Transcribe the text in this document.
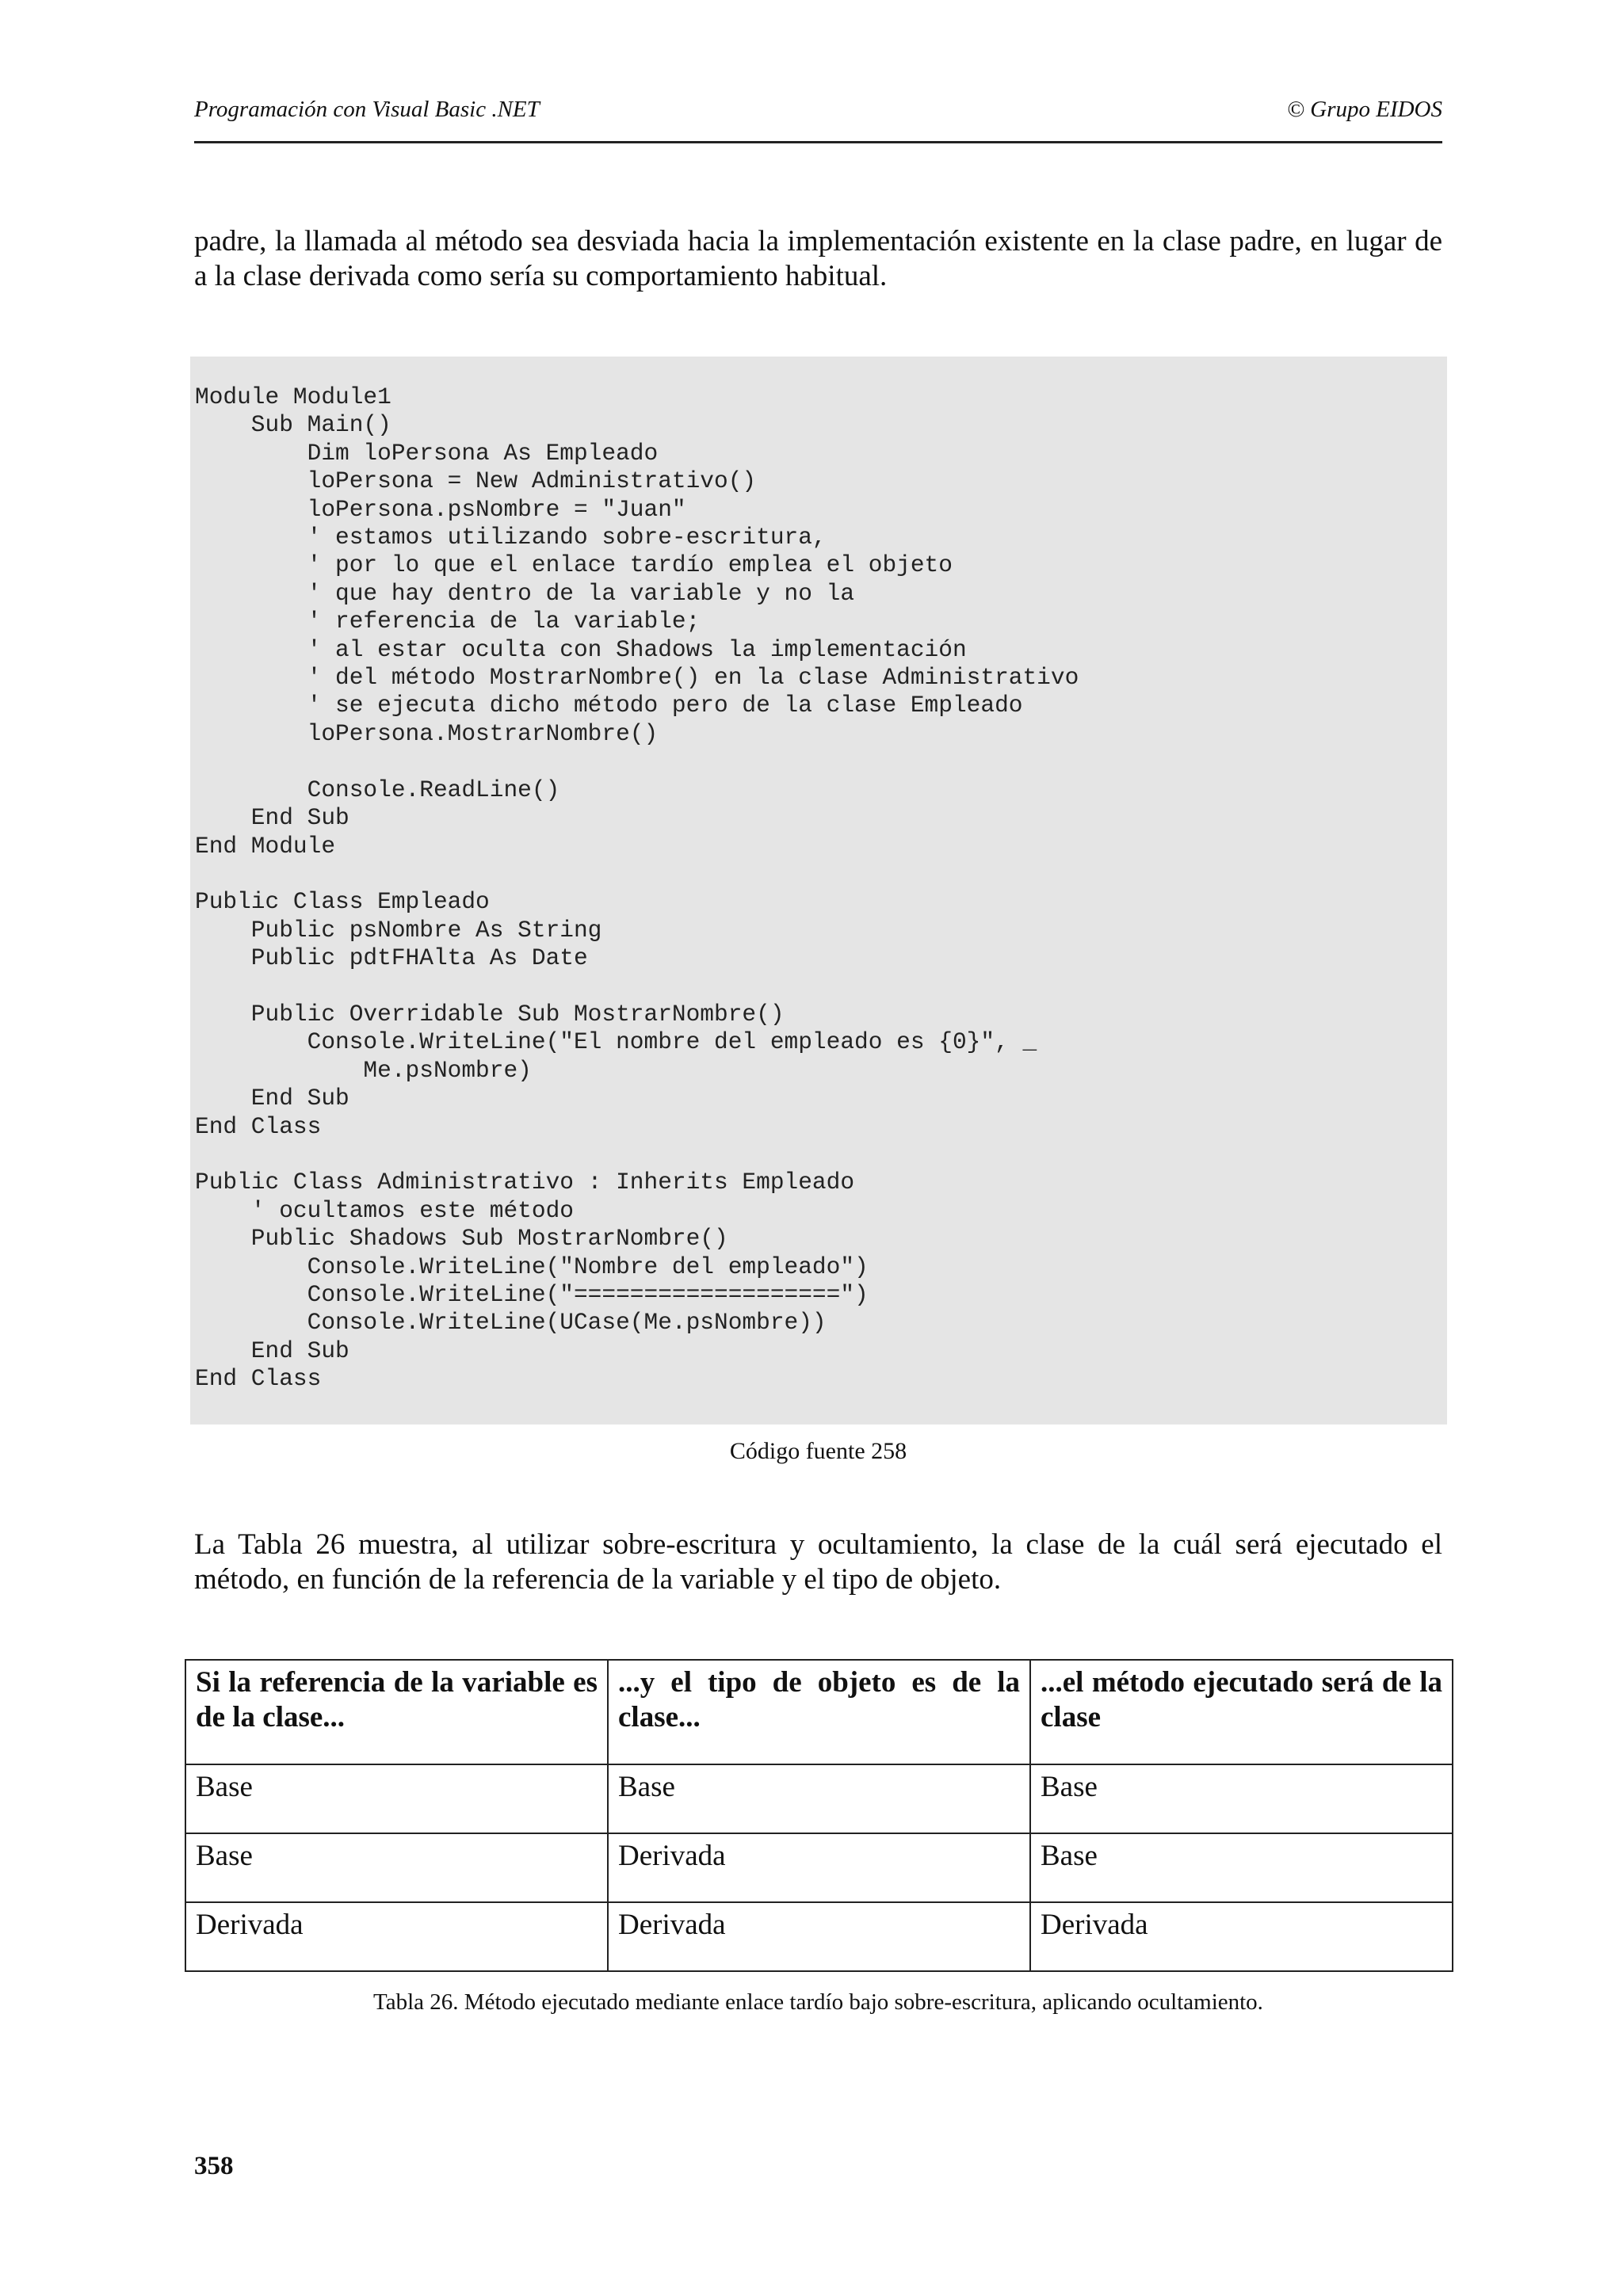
Programación con Visual Basic .NET	© Grupo EIDOS

padre, la llamada al método sea desviada hacia la implementación existente en la clase padre, en lugar de a la clase derivada como sería su comportamiento habitual.

Module Module1
Sub Main()
Dim loPersona As Empleado
loPersona = New Administrativo()
loPersona.psNombre = "Juan"
' estamos utilizando sobre-escritura,
' por lo que el enlace tardío emplea el objeto
' que hay dentro de la variable y no la
' referencia de la variable;
' al estar oculta con Shadows la implementación
' del método MostrarNombre() en la clase Administrativo
' se ejecuta dicho método pero de la clase Empleado
loPersona.MostrarNombre()

Console.ReadLine()
End Sub
End Module

Public Class Empleado
Public psNombre As String
Public pdtFHAlta As Date

Public Overridable Sub MostrarNombre()
Console.WriteLine("El nombre del empleado es {0}", _
Me.psNombre)
End Sub
End Class

Public Class Administrativo : Inherits Empleado
' ocultamos este método
Public Shadows Sub MostrarNombre()
Console.WriteLine("Nombre del empleado")
Console.WriteLine("===================")
Console.WriteLine(UCase(Me.psNombre))
End Sub
End Class
Código fuente 258

La Tabla 26 muestra, al utilizar sobre-escritura y ocultamiento, la clase de la cuál será ejecutado el método, en función de la referencia de la variable y el tipo de objeto.

Si la referencia de la variable es de la clase...	...y el tipo de objeto es de la clase...	...el método ejecutado será de la clase
Base	Base	Base
Base	Derivada	Base
Derivada	Derivada	Derivada
Tabla 26. Método ejecutado mediante enlace tardío bajo sobre-escritura, aplicando ocultamiento.
358
